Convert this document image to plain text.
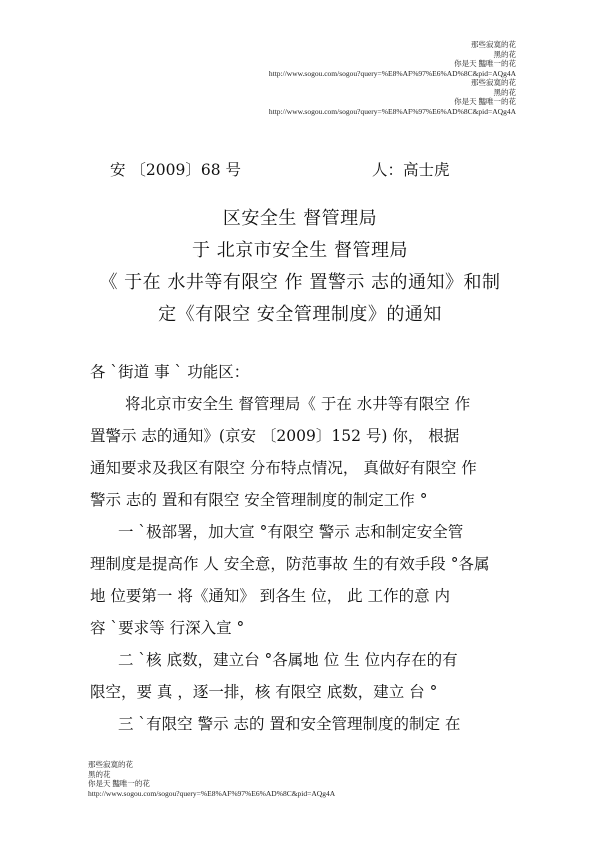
那些寂寞的花
黑的花
你是天 豔唯一的花
http://www.sogou.com/sogou?query=%E8%AF%97%E6%AD%8C&pid=AQg4A
那些寂寞的花
黑的花
你是天 豔唯一的花
http://www.sogou.com/sogou?query=%E8%AF%97%E6%AD%8C&pid=AQg4A
安 〔2009〕68 号	人：高士虎
区安全生 督管理局
于 北京市安全生 督管理局
《 于在 水井等有限空 作 置警示 志的通知》和制
定《有限空 安全管理制度》的通知
各 `街道 事 ` 功能区：
将北京市安全生 督管理局《 于在 水井等有限空 作
置警示 志的通知》(京安 〔2009〕152 号) 你， 根据
通知要求及我区有限空 分布特点情况， 真做好有限空 作
警示 志的 置和有限空 安全管理制度的制定工作 °
一 `极部署，加大宣 °有限空 警示 志和制定安全管
理制度是提高作 人 安全意，防范事故 生的有效手段 °各属
地 位要第一 将《通知》 到各生 位， 此 工作的意 内
容 `要求等 行深入宣 °
二 `核 底数，建立台 °各属地 位 生 位内存在的有
限空，要 真 ，逐一排，核 有限空 底数，建立 台 °
三 `有限空 警示 志的 置和安全管理制度的制定 在
那些寂寞的花
黑的花
你是天 豔唯一的花
http://www.sogou.com/sogou?query=%E8%AF%97%E6%AD%8C&pid=AQg4A
